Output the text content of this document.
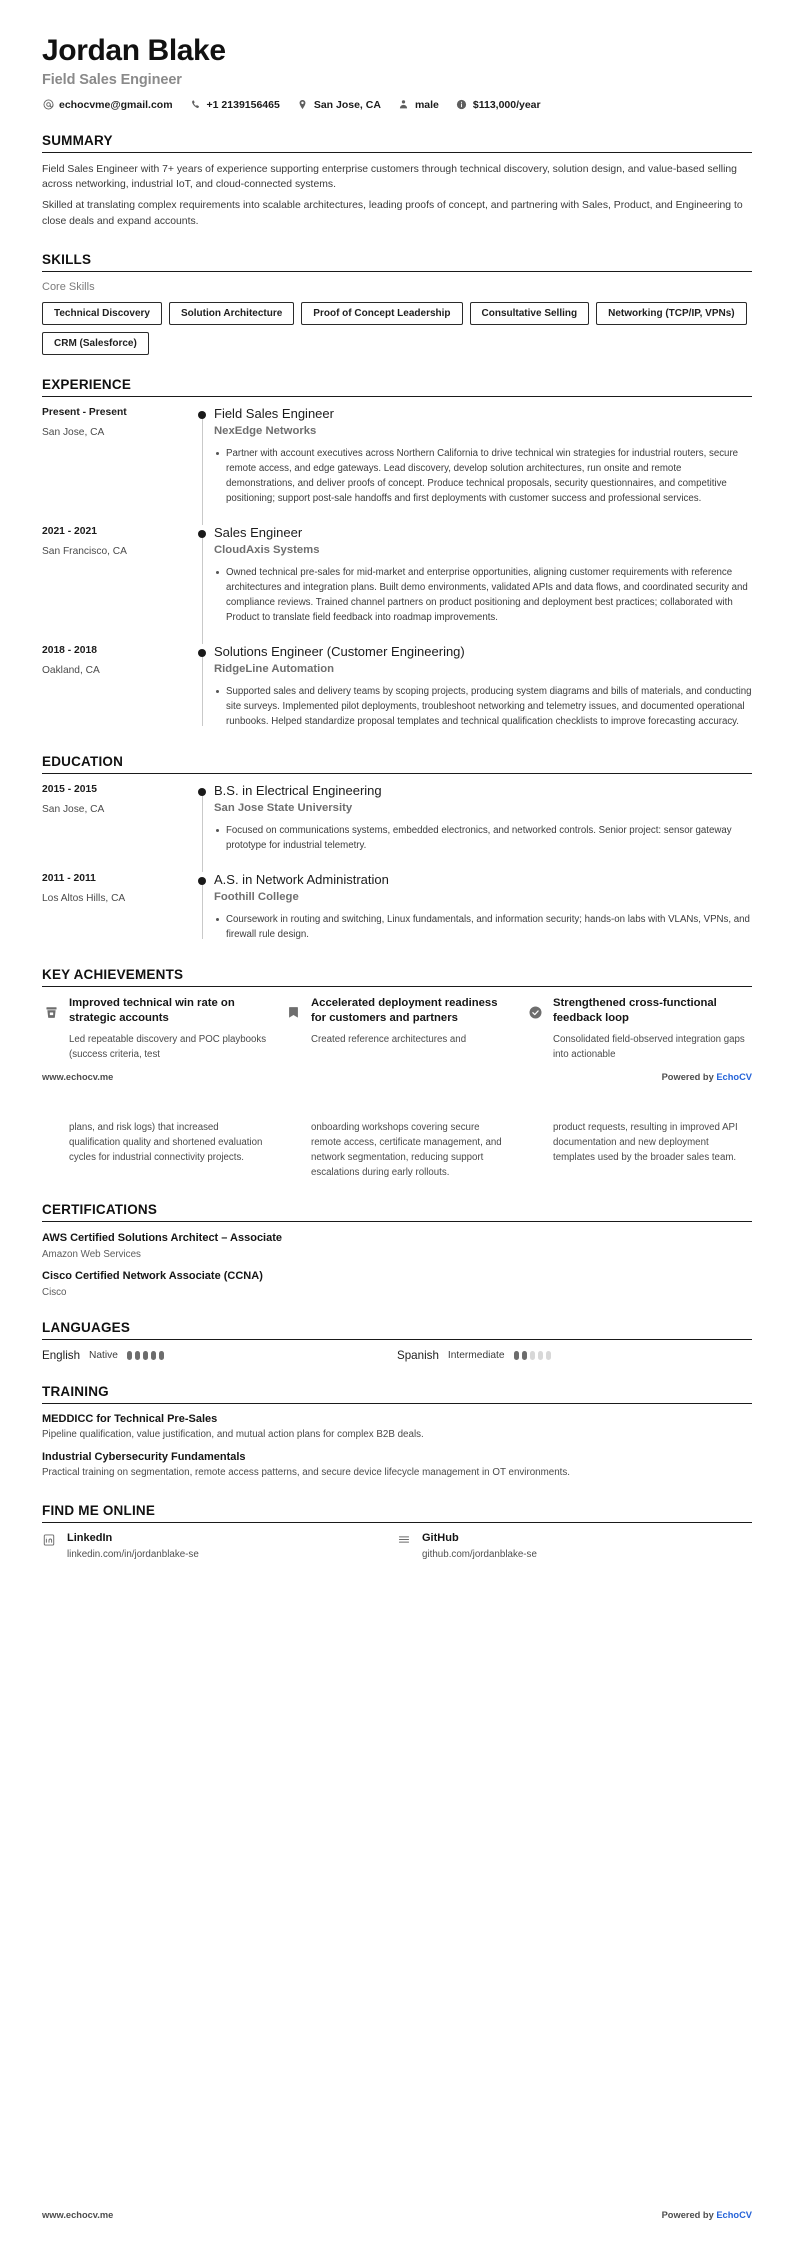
Jordan Blake
Field Sales Engineer
echocvme@gmail.com	+1 2139156465	San Jose, CA	male	$113,000/year
SUMMARY
Field Sales Engineer with 7+ years of experience supporting enterprise customers through technical discovery, solution design, and value-based selling across networking, industrial IoT, and cloud-connected systems.
Skilled at translating complex requirements into scalable architectures, leading proofs of concept, and partnering with Sales, Product, and Engineering to close deals and expand accounts.
SKILLS
Core Skills
Technical Discovery	Solution Architecture	Proof of Concept Leadership	Consultative Selling	Networking (TCP/IP, VPNs)
CRM (Salesforce)
EXPERIENCE
Present - Present
San Jose, CA
Field Sales Engineer
NexEdge Networks
Partner with account executives across Northern California to drive technical win strategies for industrial routers, secure remote access, and edge gateways. Lead discovery, develop solution architectures, run onsite and remote demonstrations, and deliver proofs of concept. Produce technical proposals, security questionnaires, and competitive positioning; support post-sale handoffs and first deployments with customer success and professional services.
2021 - 2021
San Francisco, CA
Sales Engineer
CloudAxis Systems
Owned technical pre-sales for mid-market and enterprise opportunities, aligning customer requirements with reference architectures and integration plans. Built demo environments, validated APIs and data flows, and coordinated security and compliance reviews. Trained channel partners on product positioning and deployment best practices; collaborated with Product to translate field feedback into roadmap improvements.
2018 - 2018
Oakland, CA
Solutions Engineer (Customer Engineering)
RidgeLine Automation
Supported sales and delivery teams by scoping projects, producing system diagrams and bills of materials, and conducting site surveys. Implemented pilot deployments, troubleshoot networking and telemetry issues, and documented operational runbooks. Helped standardize proposal templates and technical qualification checklists to improve forecasting accuracy.
EDUCATION
2015 - 2015
San Jose, CA
B.S. in Electrical Engineering
San Jose State University
Focused on communications systems, embedded electronics, and networked controls. Senior project: sensor gateway prototype for industrial telemetry.
2011 - 2011
Los Altos Hills, CA
A.S. in Network Administration
Foothill College
Coursework in routing and switching, Linux fundamentals, and information security; hands-on labs with VLANs, VPNs, and firewall rule design.
KEY ACHIEVEMENTS
Improved technical win rate on strategic accounts
Led repeatable discovery and POC playbooks (success criteria, test
Accelerated deployment readiness for customers and partners
Created reference architectures and
Strengthened cross-functional feedback loop
Consolidated field-observed integration gaps into actionable
www.echocv.me	Powered by EchoCV
plans, and risk logs) that increased qualification quality and shortened evaluation cycles for industrial connectivity projects.
onboarding workshops covering secure remote access, certificate management, and network segmentation, reducing support escalations during early rollouts.
product requests, resulting in improved API documentation and new deployment templates used by the broader sales team.
CERTIFICATIONS
AWS Certified Solutions Architect – Associate
Amazon Web Services
Cisco Certified Network Associate (CCNA)
Cisco
LANGUAGES
English Native	Spanish Intermediate
TRAINING
MEDDICC for Technical Pre-Sales
Pipeline qualification, value justification, and mutual action plans for complex B2B deals.
Industrial Cybersecurity Fundamentals
Practical training on segmentation, remote access patterns, and secure device lifecycle management in OT environments.
FIND ME ONLINE
LinkedIn
linkedin.com/in/jordanblake-se
GitHub
github.com/jordanblake-se
www.echocv.me	Powered by EchoCV
